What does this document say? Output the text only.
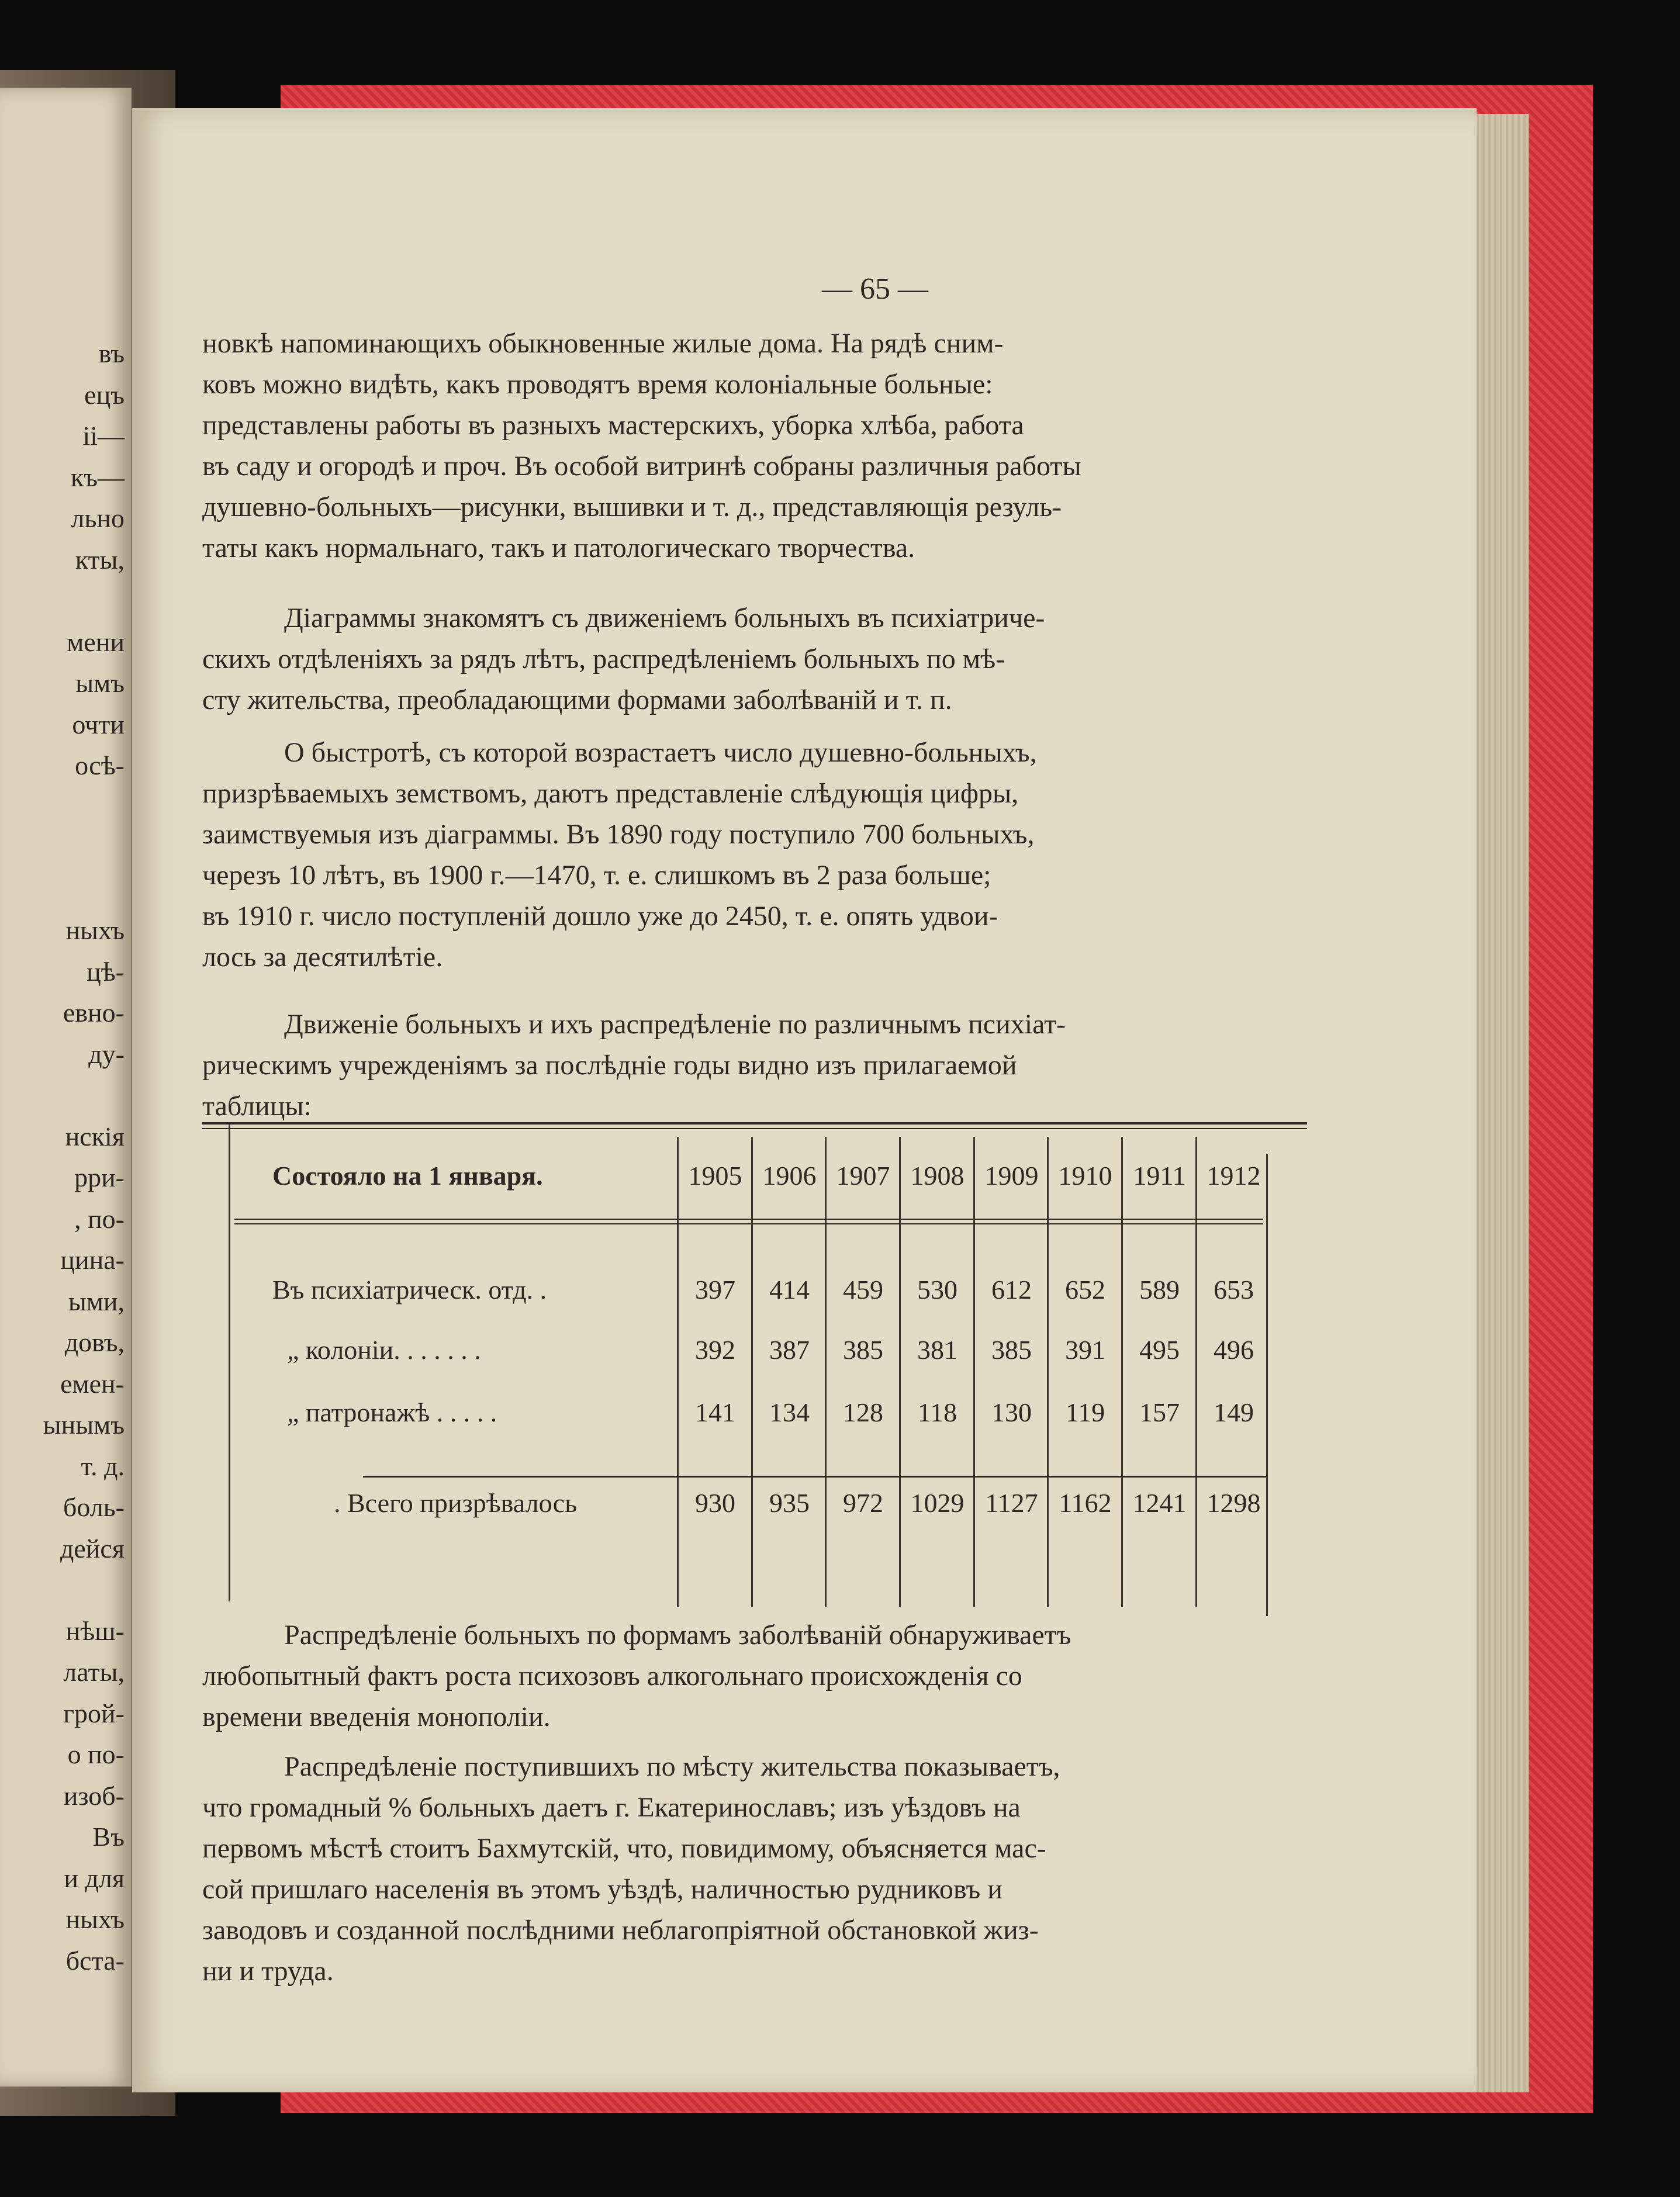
въ
ецъ
іі—
къ—
льно
кты,
мени
ымъ
очти
осѣ-
ныхъ
цѣ-
евно-
ду-
нскія
рри-
, по-
цина-
ыми,
довъ,
емен-
ынымъ
т. д.
боль-
дейся
нѣш-
латы,
грой-
о по-
изоб-
Въ
и для
ныхъ
бста-
— 65 —
новкѣ напоминающихъ обыкновенные жилые дома. На рядѣ сним-
ковъ можно видѣть, какъ проводятъ время колоніальные больные:
представлены работы въ разныхъ мастерскихъ, уборка хлѣба, работа
въ саду и огородѣ и проч. Въ особой витринѣ собраны различныя работы
душевно-больныхъ—рисунки, вышивки и т. д., представляющія резуль-
таты какъ нормальнаго, такъ и патологическаго творчества.
Діаграммы знакомятъ съ движеніемъ больныхъ въ психіатриче-
скихъ отдѣленіяхъ за рядъ лѣтъ, распредѣленіемъ больныхъ по мѣ-
сту жительства, преобладающими формами заболѣваній и т. п.
О быстротѣ, съ которой возрастаетъ число душевно-больныхъ,
призрѣваемыхъ земствомъ, даютъ представленіе слѣдующія цифры,
заимствуемыя изъ діаграммы. Въ 1890 году поступило 700 больныхъ,
черезъ 10 лѣтъ, въ 1900 г.—1470, т. е. слишкомъ въ 2 раза больше;
въ 1910 г. число поступленій дошло уже до 2450, т. е. опять удвои-
лось за десятилѣтіе.
Движеніе больныхъ и ихъ распредѣленіе по различнымъ психіат-
рическимъ учрежденіямъ за послѣдніе годы видно изъ прилагаемой
таблицы:
Распредѣленіе больныхъ по формамъ заболѣваній обнаруживаетъ
любопытный фактъ роста психозовъ алкогольнаго происхожденія со
времени введенія монополіи.
Распредѣленіе поступившихъ по мѣсту жительства показываетъ,
что громадный % больныхъ даетъ г. Екатеринославъ; изъ уѣздовъ на
первомъ мѣстѣ стоитъ Бахмутскій, что, повидимому, объясняется мас-
сой пришлаго населенія въ этомъ уѣздѣ, наличностью рудниковъ и
заводовъ и созданной послѣдними неблагопріятной обстановкой жиз-
ни и труда.
Состояло на 1 января.	1905 1906 1907 1908 1909 1910 1911 1912
Въ психіатрическ. отд. .	397	414	459	530	612	652	589	653
„ колоніи. . . . . . .	392	387	385	381	385	391	495	496
„ патронажѣ . . . . .	141	134	128	118	130	119	157	149
. Всего призрѣвалось	930	935	972	1029 1127 1162 1241 1298
